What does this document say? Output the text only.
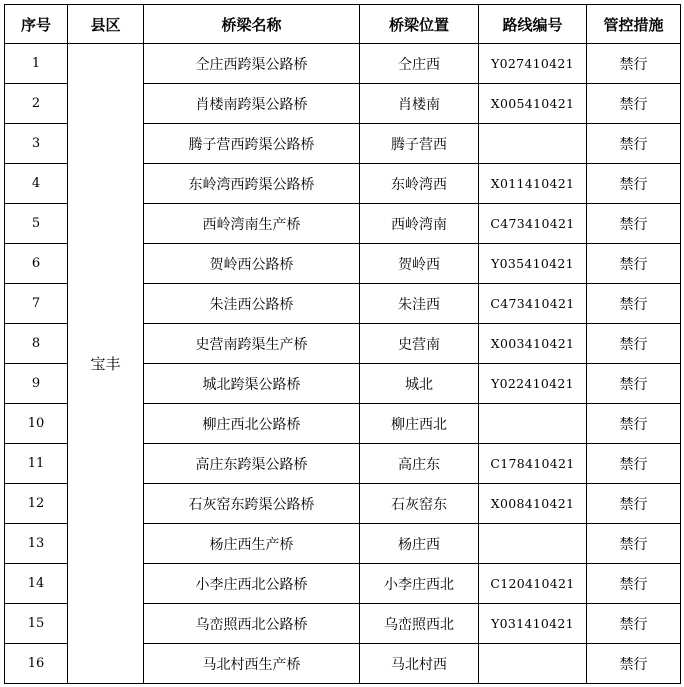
序号	县区	桥梁名称	桥梁位置	路线编号	管控措施
1	宝丰	仝庄西跨渠公路桥	仝庄西	Y027410421	禁行
2		肖楼南跨渠公路桥	肖楼南	X005410421	禁行
3		腾子营西跨渠公路桥	腾子营西		禁行
4		东岭湾西跨渠公路桥	东岭湾西	X011410421	禁行
5		西岭湾南生产桥	西岭湾南	C473410421	禁行
6		贺岭西公路桥	贺岭西	Y035410421	禁行
7		朱洼西公路桥	朱洼西	C473410421	禁行
8		史营南跨渠生产桥	史营南	X003410421	禁行
9		城北跨渠公路桥	城北	Y022410421	禁行
10		柳庄西北公路桥	柳庄西北		禁行
11		高庄东跨渠公路桥	高庄东	C178410421	禁行
12		石灰窑东跨渠公路桥	石灰窑东	X008410421	禁行
13		杨庄西生产桥	杨庄西		禁行
14		小李庄西北公路桥	小李庄西北	C120410421	禁行
15		乌峦照西北公路桥	乌峦照西北	Y031410421	禁行
16		马北村西生产桥	马北村西		禁行
